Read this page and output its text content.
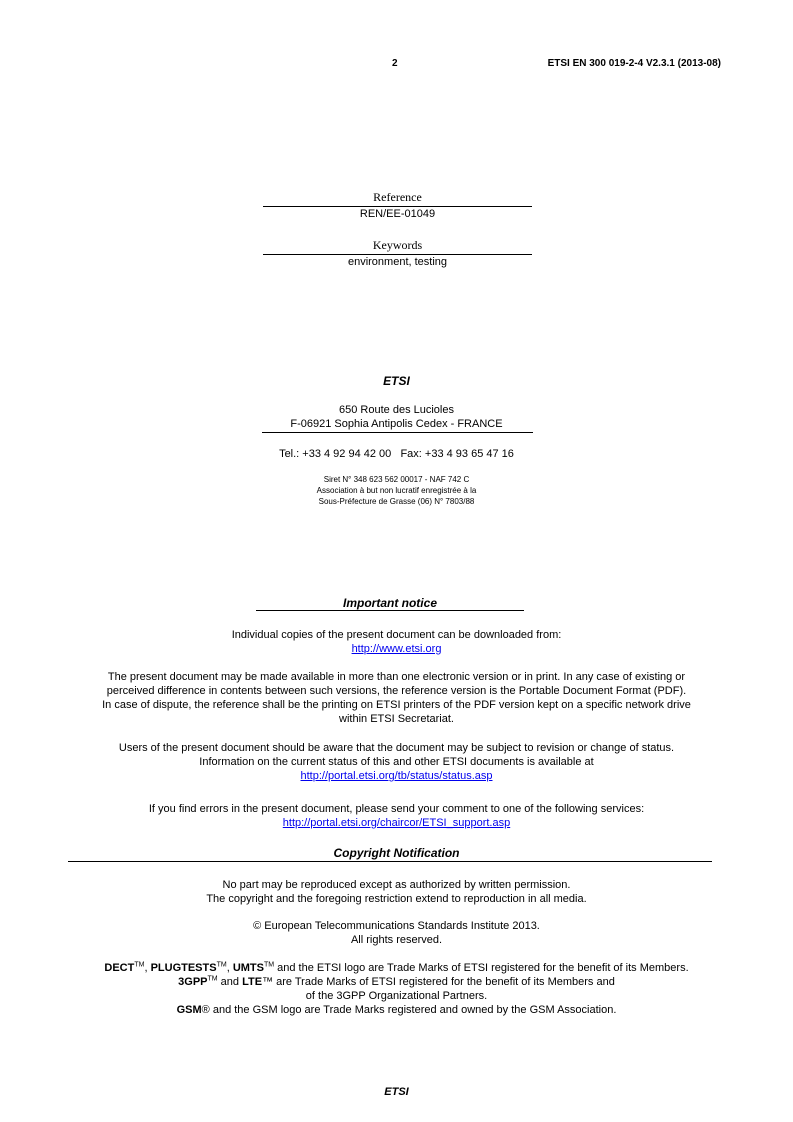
2	ETSI EN 300 019-2-4 V2.3.1 (2013-08)
Reference
REN/EE-01049
Keywords
environment, testing
ETSI
650 Route des Lucioles
F-06921 Sophia Antipolis Cedex - FRANCE
Tel.: +33 4 92 94 42 00   Fax: +33 4 93 65 47 16
Siret N° 348 623 562 00017 - NAF 742 C
Association à but non lucratif enregistrée à la
Sous-Préfecture de Grasse (06) N° 7803/88
Important notice
Individual copies of the present document can be downloaded from:
http://www.etsi.org
The present document may be made available in more than one electronic version or in print. In any case of existing or
perceived difference in contents between such versions, the reference version is the Portable Document Format (PDF).
In case of dispute, the reference shall be the printing on ETSI printers of the PDF version kept on a specific network drive
within ETSI Secretariat.
Users of the present document should be aware that the document may be subject to revision or change of status.
Information on the current status of this and other ETSI documents is available at
http://portal.etsi.org/tb/status/status.asp
If you find errors in the present document, please send your comment to one of the following services:
http://portal.etsi.org/chaircor/ETSI_support.asp
Copyright Notification
No part may be reproduced except as authorized by written permission.
The copyright and the foregoing restriction extend to reproduction in all media.
© European Telecommunications Standards Institute 2013.
All rights reserved.
DECT™, PLUGTESTS™, UMTS™ and the ETSI logo are Trade Marks of ETSI registered for the benefit of its Members.
3GPP™ and LTE™ are Trade Marks of ETSI registered for the benefit of its Members and
of the 3GPP Organizational Partners.
GSM® and the GSM logo are Trade Marks registered and owned by the GSM Association.
ETSI
